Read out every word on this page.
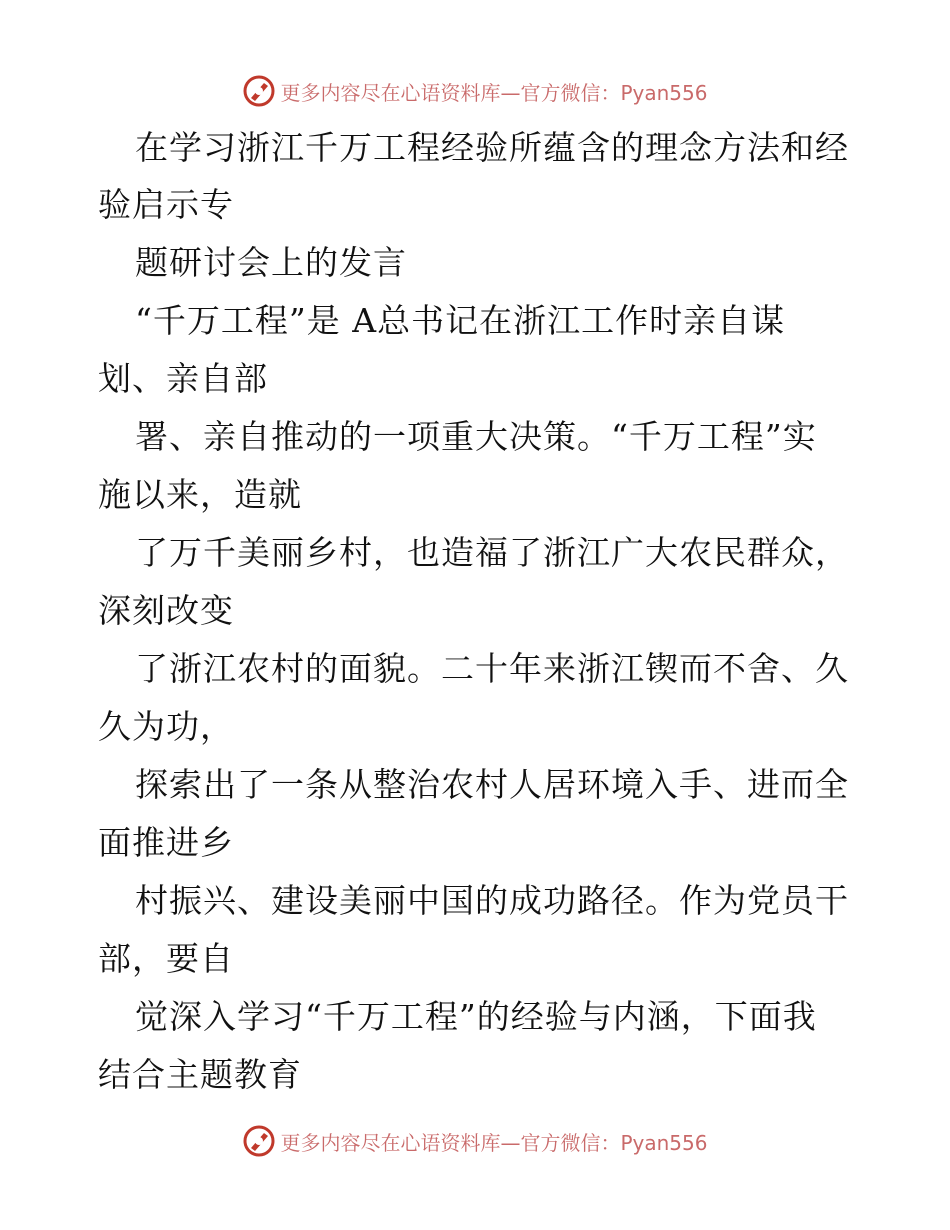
更多内容尽在心语资料库—官方微信：Pyan556
在学习浙江千万工程经验所蕴含的理念方法和经
验启示专
题研讨会上的发言
“千万工程”是 A总书记在浙江工作时亲自谋
划、亲自部
署、亲自推动的一项重大决策。“千万工程”实
施以来，造就
了万千美丽乡村，也造福了浙江广大农民群众，
深刻改变
了浙江农村的面貌。二十年来浙江锲而不舍、久
久为功，
探索出了一条从整治农村人居环境入手、进而全
面推进乡
村振兴、建设美丽中国的成功路径。作为党员干
部，要自
觉深入学习“千万工程”的经验与内涵，下面我
结合主题教育
更多内容尽在心语资料库—官方微信：Pyan556
